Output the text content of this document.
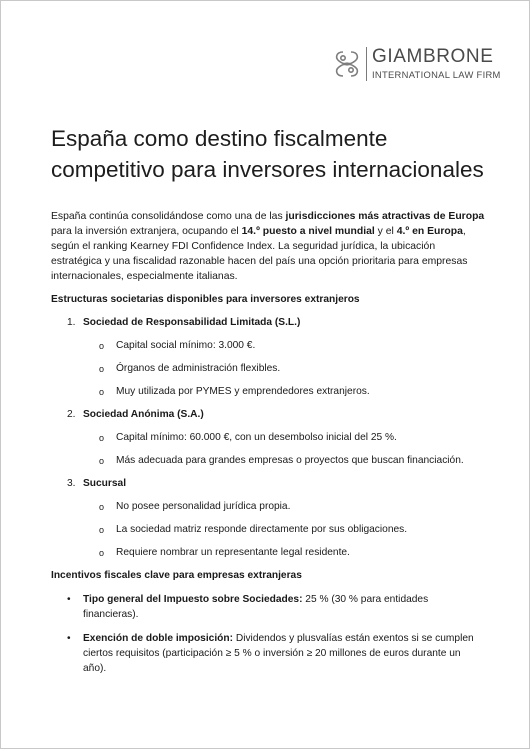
GIAMBRONE
INTERNATIONAL LAW FIRM
España como destino fiscalmente competitivo para inversores internacionales

España continúa consolidándose como una de las jurisdicciones más atractivas de Europa para la inversión extranjera, ocupando el 14.º puesto a nivel mundial y el 4.º en Europa, según el ranking Kearney FDI Confidence Index. La seguridad jurídica, la ubicación estratégica y una fiscalidad razonable hacen del país una opción prioritaria para empresas internacionales, especialmente italianas.

Estructuras societarias disponibles para inversores extranjeros
1. Sociedad de Responsabilidad Limitada (S.L.)
o Capital social mínimo: 3.000 €.
o Órganos de administración flexibles.
o Muy utilizada por PYMES y emprendedores extranjeros.
2. Sociedad Anónima (S.A.)
o Capital mínimo: 60.000 €, con un desembolso inicial del 25 %.
o Más adecuada para grandes empresas o proyectos que buscan financiación.
3. Sucursal
o No posee personalidad jurídica propia.
o La sociedad matriz responde directamente por sus obligaciones.
o Requiere nombrar un representante legal residente.
Incentivos fiscales clave para empresas extranjeras
• Tipo general del Impuesto sobre Sociedades: 25 % (30 % para entidades financieras).
• Exención de doble imposición: Dividendos y plusvalías están exentos si se cumplen ciertos requisitos (participación ≥ 5 % o inversión ≥ 20 millones de euros durante un año).
